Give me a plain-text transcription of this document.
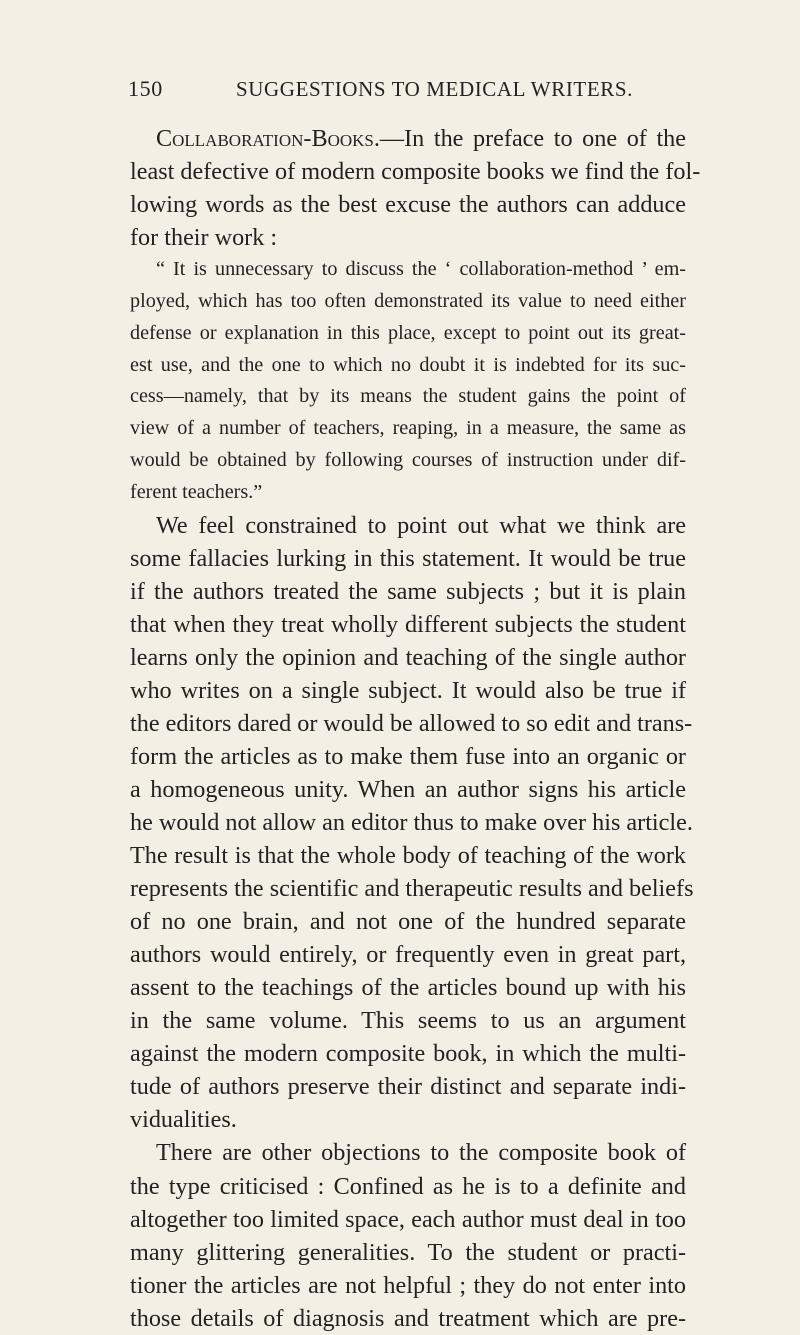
150	SUGGESTIONS TO MEDICAL WRITERS.
Collaboration-Books.—In the preface to one of the
least defective of modern composite books we find the fol-
lowing words as the best excuse the authors can adduce
for their work :
“ It is unnecessary to discuss the ‘ collaboration-method ’ em-
ployed, which has too often demonstrated its value to need either
defense or explanation in this place, except to point out its great-
est use, and the one to which no doubt it is indebted for its suc-
cess—namely, that by its means the student gains the point of
view of a number of teachers, reaping, in a measure, the same as
would be obtained by following courses of instruction under dif-
ferent teachers.”
We feel constrained to point out what we think are
some fallacies lurking in this statement. It would be true
if the authors treated the same subjects ; but it is plain
that when they treat wholly different subjects the student
learns only the opinion and teaching of the single author
who writes on a single subject. It would also be true if
the editors dared or would be allowed to so edit and trans-
form the articles as to make them fuse into an organic or
a homogeneous unity. When an author signs his article
he would not allow an editor thus to make over his article.
The result is that the whole body of teaching of the work
represents the scientific and therapeutic results and beliefs
of no one brain, and not one of the hundred separate
authors would entirely, or frequently even in great part,
assent to the teachings of the articles bound up with his
in the same volume. This seems to us an argument
against the modern composite book, in which the multi-
tude of authors preserve their distinct and separate indi-
vidualities.
There are other objections to the composite book of
the type criticised : Confined as he is to a definite and
altogether too limited space, each author must deal in too
many glittering generalities. To the student or practi-
tioner the articles are not helpful ; they do not enter into
those details of diagnosis and treatment which are pre-
